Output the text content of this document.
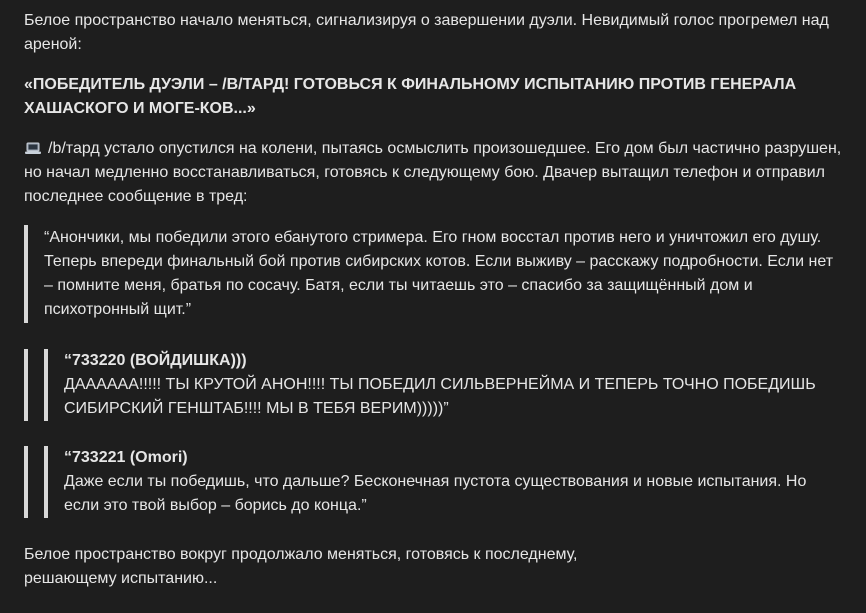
Белое пространство начало меняться, сигнализируя о завершении дуэли. Невидимый голос прогремел над ареной:

«ПОБЕДИТЕЛЬ ДУЭЛИ – /B/ТАРД! ГОТОВЬСЯ К ФИНАЛЬНОМУ ИСПЫТАНИЮ ПРОТИВ ГЕНЕРАЛА ХАШАСКОГО И МОГЕ-КОВ...»

/b/тард устало опустился на колени, пытаясь осмыслить произошедшее. Его дом был частично разрушен, но начал медленно восстанавливаться, готовясь к следующему бою. Двачер вытащил телефон и отправил последнее сообщение в тред:

“Анончики, мы победили этого ебанутого стримера. Его гном восстал против него и уничтожил его душу. Теперь впереди финальный бой против сибирских котов. Если выживу – расскажу подробности. Если нет – помните меня, братья по сосачу. Батя, если ты читаешь это – спасибо за защищённый дом и психотронный щит.”

“733220 (ВОЙДИШКА)))

ДАААААА!!!!! ТЫ КРУТОЙ АНОН!!!! ТЫ ПОБЕДИЛ СИЛЬВЕРНЕЙМА И ТЕПЕРЬ ТОЧНО ПОБЕДИШЬ СИБИРСКИЙ ГЕНШТАБ!!!! МЫ В ТЕБЯ ВЕРИМ)))))”

“733221 (Omori)

Даже если ты победишь, что дальше? Бесконечная пустота существования и новые испытания. Но если это твой выбор – борись до конца.”

Белое пространство вокруг продолжало меняться, готовясь к последнему, решающему испытанию...
